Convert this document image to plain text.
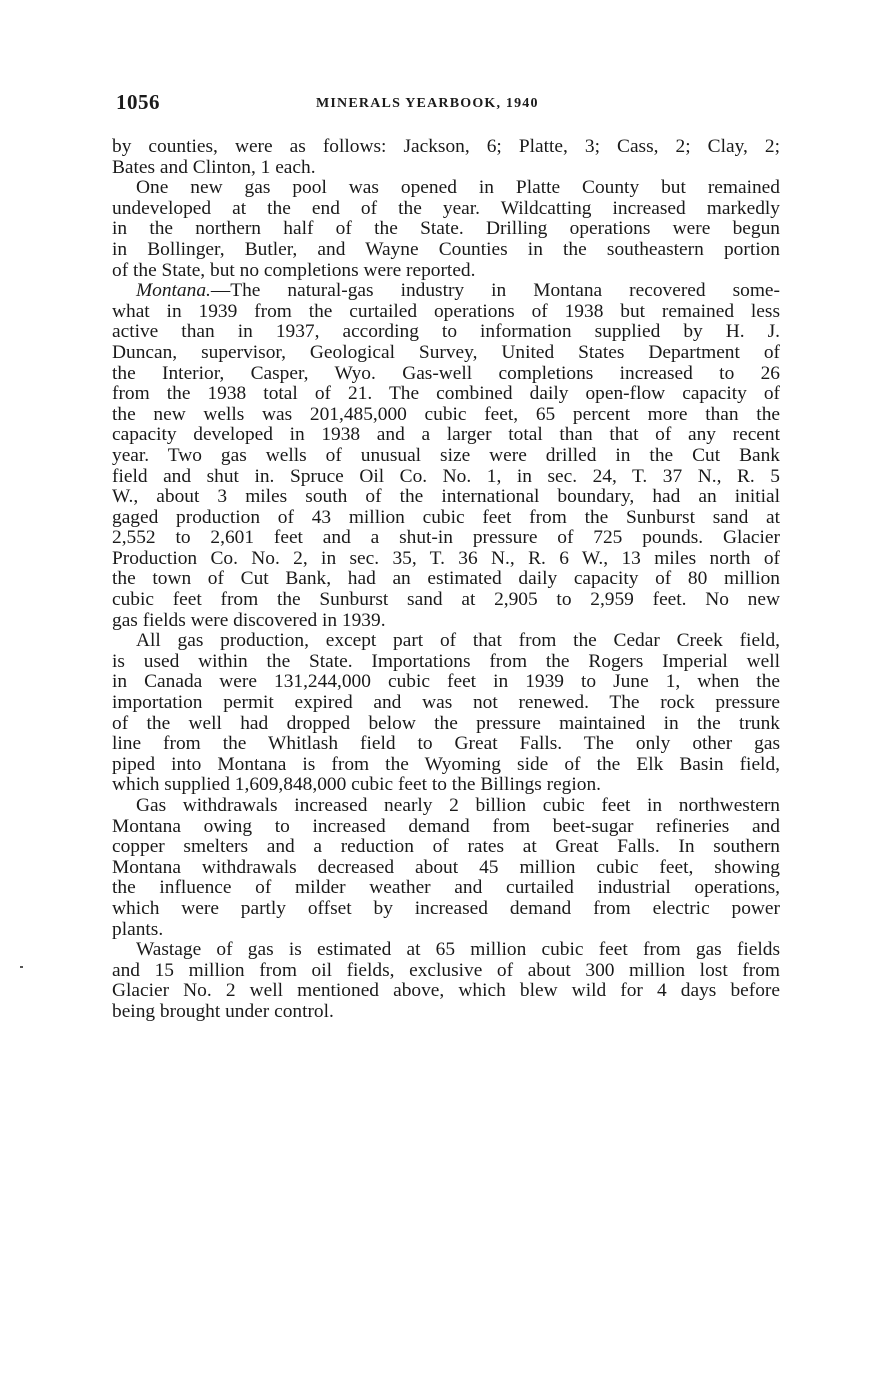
1056	MINERALS YEARBOOK, 1940
by counties, were as follows: Jackson, 6; Platte, 3; Cass, 2; Clay, 2;
Bates and Clinton, 1 each.
One new gas pool was opened in Platte County but remained
undeveloped at the end of the year. Wildcatting increased markedly
in the northern half of the State. Drilling operations were begun
in Bollinger, Butler, and Wayne Counties in the southeastern portion
of the State, but no completions were reported.
Montana.—The natural-gas industry in Montana recovered some-
what in 1939 from the curtailed operations of 1938 but remained less
active than in 1937, according to information supplied by H. J.
Duncan, supervisor, Geological Survey, United States Department of
the Interior, Casper, Wyo. Gas-well completions increased to 26
from the 1938 total of 21. The combined daily open-flow capacity of
the new wells was 201,485,000 cubic feet, 65 percent more than the
capacity developed in 1938 and a larger total than that of any recent
year. Two gas wells of unusual size were drilled in the Cut Bank
field and shut in. Spruce Oil Co. No. 1, in sec. 24, T. 37 N., R. 5
W., about 3 miles south of the international boundary, had an initial
gaged production of 43 million cubic feet from the Sunburst sand at
2,552 to 2,601 feet and a shut-in pressure of 725 pounds. Glacier
Production Co. No. 2, in sec. 35, T. 36 N., R. 6 W., 13 miles north of
the town of Cut Bank, had an estimated daily capacity of 80 million
cubic feet from the Sunburst sand at 2,905 to 2,959 feet. No new
gas fields were discovered in 1939.
All gas production, except part of that from the Cedar Creek field,
is used within the State. Importations from the Rogers Imperial well
in Canada were 131,244,000 cubic feet in 1939 to June 1, when the
importation permit expired and was not renewed. The rock pressure
of the well had dropped below the pressure maintained in the trunk
line from the Whitlash field to Great Falls. The only other gas
piped into Montana is from the Wyoming side of the Elk Basin field,
which supplied 1,609,848,000 cubic feet to the Billings region.
Gas withdrawals increased nearly 2 billion cubic feet in northwestern
Montana owing to increased demand from beet-sugar refineries and
copper smelters and a reduction of rates at Great Falls. In southern
Montana withdrawals decreased about 45 million cubic feet, showing
the influence of milder weather and curtailed industrial operations,
which were partly offset by increased demand from electric power
plants.
Wastage of gas is estimated at 65 million cubic feet from gas fields
and 15 million from oil fields, exclusive of about 300 million lost from
Glacier No. 2 well mentioned above, which blew wild for 4 days before
being brought under control.
